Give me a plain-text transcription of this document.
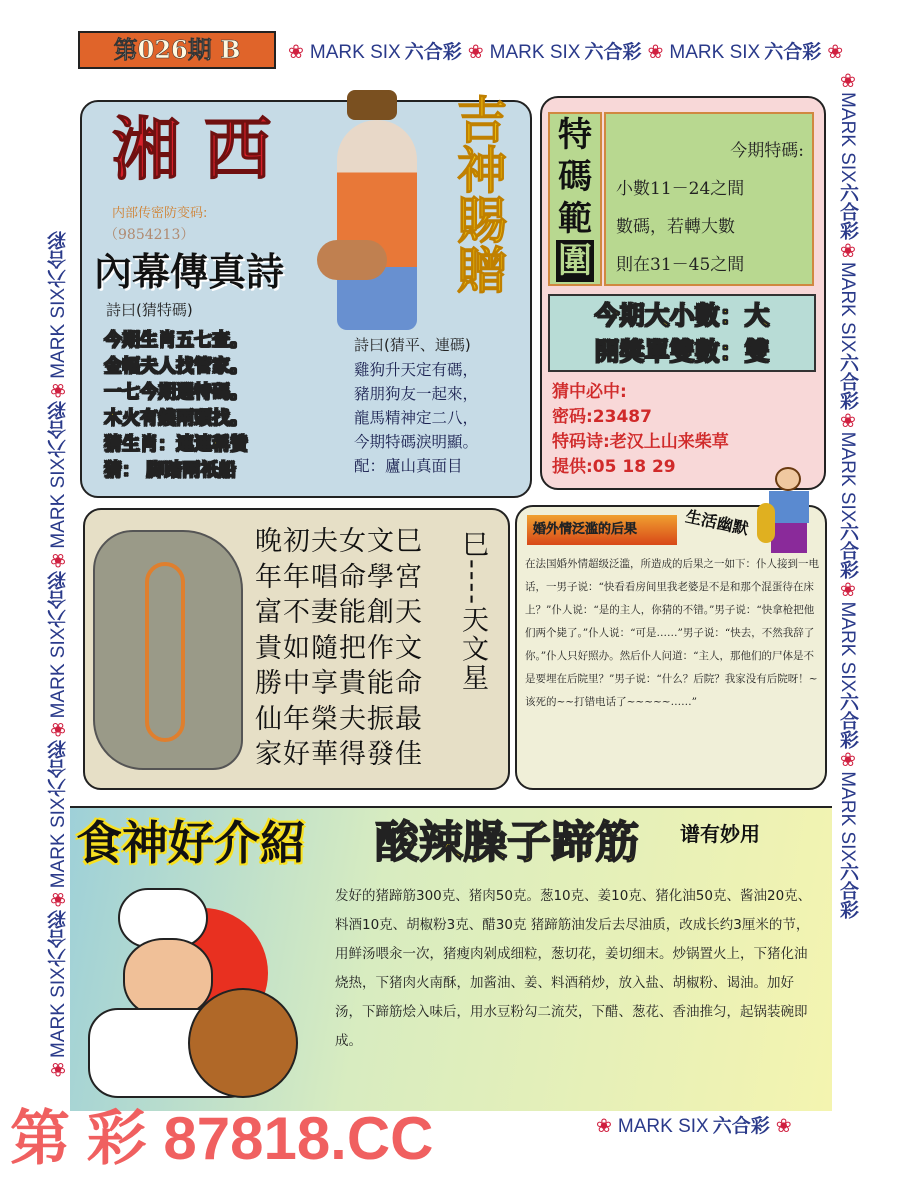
❀ MARK SIX 六合彩 ❀ MARK SIX 六合彩 ❀ MARK SIX 六合彩 ❀
❀ MARK SIX 六合彩 ❀
❀MARK SIX六合彩❀MARK SIX六合彩❀MARK SIX六合彩❀MARK SIX六合彩❀MARK SIX六合彩
❀MARK SIX六合彩❀MARK SIX六合彩❀MARK SIX六合彩❀MARK SIX六合彩❀MARK SIX六合彩
第026期 B
湘 西
内部传密防变码:
（9854213）
內幕傳真詩	吉神賜贈
詩曰(猜特碼)
今期生肖五七查。
金幅夫人找管家。
一七今期選特碼。
木火有錢兩頭找。
猜生肖：連連稱贊
猜： 脚踏兩衹船
詩曰(猜平、連碼)
雞狗升天定有碼，
豬朋狗友一起來，
龍馬精神定二八，
今期特碼淚明顯。
配：廬山真面目
特
碼
範
圍
今期特碼:
小數11－24之間
數碼，若轉大數
則在31－45之間
今期大小數：大
開獎單雙數：雙
猜中必中:
密码:23487
特码诗:老汉上山来柴草
提供:05 18 29
晚初夫女文巳
年年唱命學宮
富不妻能創天
貴如隨把作文
勝中享貴能命
仙年榮夫振最
家好華得發佳
巳----天文星
婚外情泛滥的后果	生活幽默
在法国婚外情超级泛滥，所造成的后果之一如下：仆人接到一电话，一男子说：“快看看房间里我老婆是不是和那个混蛋待在床上？”仆人说：“是的主人，你猜的不错。”男子说：“快拿枪把他们两个毙了。”仆人说：“可是……”男子说：“快去，不然我辞了你。”仆人只好照办。然后仆人问道：“主人，那他们的尸体是不是要埋在后院里？”男子说：“什么？后院？我家没有后院呀！~该死的~~打错电话了~~~~~……”
食神好介紹 酸辣臊子蹄筋 谱有妙用
发好的猪蹄筋300克、猪肉50克。葱10克、姜10克、猪化油50克、酱油20克、料酒10克、胡椒粉3克、醋30克 猪蹄筋油发后去尽油质，改成长约3厘米的节，用鲜汤喂汆一次，猪瘦肉剁成细粒，葱切花，姜切细末。炒锅置火上，下猪化油烧热，下猪肉火南酥，加酱油、姜、料酒稍炒，放入盐、胡椒粉、谒油。加好汤，下蹄筋烩入味后，用水豆粉勾二流芡，下醋、葱花、香油推匀，起锅装碗即成。
第 彩 87818.CC
